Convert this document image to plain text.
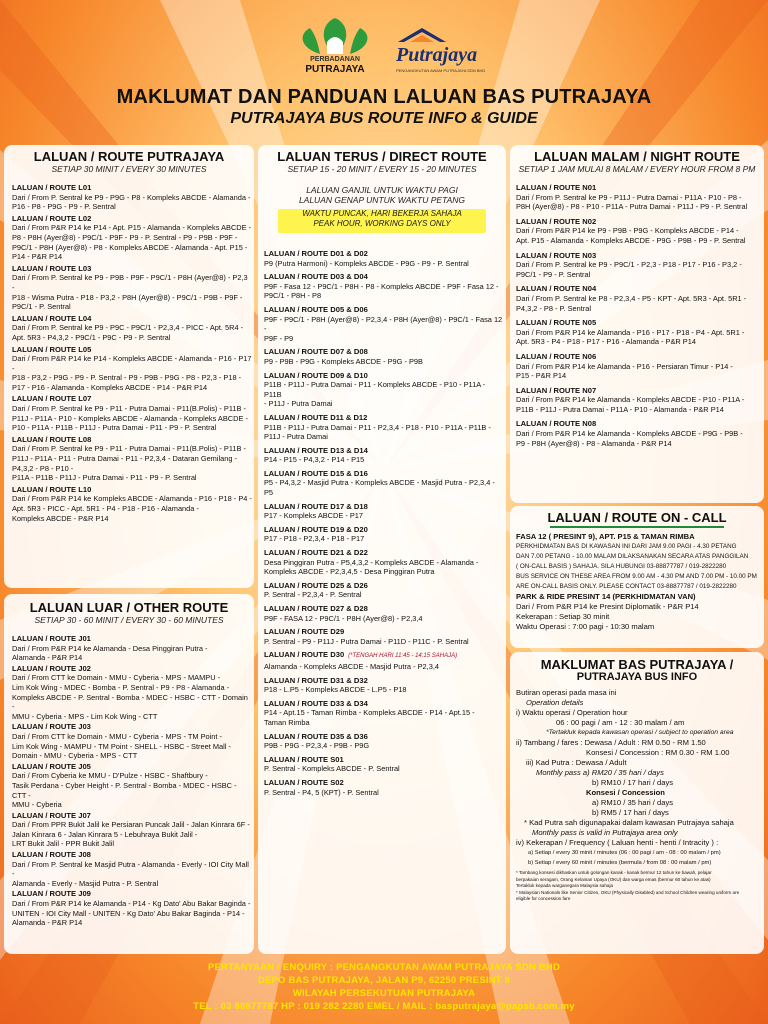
PERBADANAN
PUTRAJAYA
Putrajaya
PENGANGKUTAN AWAM PUTRAJAYA SDN BHD
MAKLUMAT DAN PANDUAN LALUAN BAS PUTRAJAYA
PUTRAJAYA BUS ROUTE INFO & GUIDE
LALUAN / ROUTE PUTRAJAYA
SETIAP 30 MINIT / EVERY 30 MINUTES
LALUAN / ROUTE L01
Dari / From P. Sentral ke P9 - P9G - P8 - Kompleks ABCDE - Alamanda -
P16 - P8 - P9G - P9 - P. Sentral
LALUAN / ROUTE L02
Dari / From P&R P14 ke P14 - Apt. P15 - Alamanda - Kompleks ABCDE -
P8 - P8H (Ayer@8) - P9C/1 - P9F - P9 - P. Sentral - P9 - P9B - P9F -
P9C/1 - P8H (Ayer@8) - P8 - Kompleks ABCDE - Alamanda - Apt. P15 -
P14 - P&R P14
LALUAN / ROUTE L03
Dari / From P. Sentral ke P9 - P9B - P9F - P9C/1 - P8H (Ayer@8) - P2,3 -
P18 - Wisma Putra - P18 - P3,2 - P8H (Ayer@8) - P9C/1 - P9B - P9F -
P9C/1 - P. Sentral
LALUAN / ROUTE L04
Dari / From P. Sentral ke P9 - P9C - P9C/1 - P2,3,4 - PICC - Apt. 5R4 -
Apt. 5R3 - P4,3,2 - P9C/1 - P9C - P9 - P. Sentral
LALUAN / ROUTE L05
Dari / From P&R P14 ke P14 - Kompleks ABCDE - Alamanda - P16 - P17 -
P18 - P3,2 - P9G - P9 - P. Sentral - P9 - P9B - P9G - P8 - P2,3 - P18 -
P17 - P16 - Alamanda - Kompleks ABCDE - P14 - P&R P14
LALUAN / ROUTE L07
Dari / From P. Sentral ke P9 - P11 - Putra Damai - P11(B.Polis) - P11B -
P11J - P11A - P10 - Kompleks ABCDE - Alamanda - Kompleks ABCDE -
P10 - P11A - P11B - P11J - Putra Damai - P11 - P9 - P. Sentral
LALUAN / ROUTE L08
Dari / From P. Sentral ke P9 - P11 - Putra Damai - P11(B.Polis) - P11B -
P11J - P11A - P11 - Putra Damai - P11 - P2,3,4 - Dataran Gemilang - P4,3,2 - P8 - P10 -
P11A - P11B - P11J - Putra Damai - P11 - P9 - P. Sentral
LALUAN / ROUTE L10
Dari / From P&R P14 ke Kompleks ABCDE - Alamanda - P16 - P18 - P4 -
Apt. 5R3 - PICC - Apt. 5R1 - P4 - P18 - P16 - Alamanda -
Kompleks ABCDE - P&R P14
LALUAN LUAR / OTHER ROUTE
SETIAP 30 - 60 MINIT / EVERY 30 - 60 MINUTES
LALUAN / ROUTE J01
Dari / From P&R P14 ke Alamanda - Desa Pinggiran Putra -
Alamanda - P&R P14
LALUAN / ROUTE J02
Dari / From CTT ke Domain - MMU - Cyberia - MPS - MAMPU -
Lim Kok Wing - MDEC - Bomba - P. Sentral - P9 - P8 - Alamanda -
Kompleks ABCDE - P. Sentral - Bomba - MDEC - HSBC - CTT - Domain -
MMU - Cyberia - MPS - Lim Kok Wing - CTT
LALUAN / ROUTE J03
Dari / From CTT ke Domain - MMU - Cyberia - MPS - TM Point -
Lim Kok Wing - MAMPU - TM Point - SHELL - HSBC - Street Mall -
Domain - MMU - Cyberia - MPS - CTT
LALUAN / ROUTE J05
Dari / From Cyberia ke MMU - D'Pulze - HSBC - Shaftbury -
Tasik Perdana - Cyber Height - P. Sentral - Bomba - MDEC - HSBC - CTT -
MMU - Cyberia
LALUAN / ROUTE J07
Dari / From PPR Bukit Jalil ke Persiaran Puncak Jalil - Jalan Kinrara 6F -
Jalan Kinrara 6 - Jalan Kinrara 5 - Lebuhraya Bukit Jalil -
LRT Bukit Jalil - PPR Bukit Jalil
LALUAN / ROUTE J08
Dari / From P. Sentral ke Masjid Putra - Alamanda - Everly - IOI City Mall -
Alamanda - Everly - Masjid Putra - P. Sentral
LALUAN / ROUTE J09
Dari / From P&R P14 ke Alamanda - P14 - Kg Dato' Abu Bakar Baginda -
UNITEN - IOI City Mall - UNITEN - Kg Dato' Abu Bakar Baginda - P14 -
Alamanda - P&R P14
LALUAN TERUS / DIRECT ROUTE
SETIAP 15 - 20 MINIT / EVERY 15 - 20 MINUTES
LALUAN GANJIL UNTUK WAKTU PAGI
LALUAN GENAP UNTUK WAKTU PETANG
WAKTU PUNCAK, HARI BEKERJA SAHAJA
PEAK HOUR, WORKING DAYS ONLY
LALUAN / ROUTE D01 & D02
P9 (Putra Harmoni) - Kompleks ABCDE - P9G - P9 - P. Sentral
LALUAN / ROUTE D03 & D04
P9F - Fasa 12 - P9C/1 - P8H - P8 - Kompleks ABCDE - P9F - Fasa 12 -
P9C/1 - P8H - P8
LALUAN / ROUTE D05 & D06
P9F - P9C/1 - P8H (Ayer@8) - P2,3,4 - P8H (Ayer@8) - P9C/1 - Fasa 12 -
P9F - P9
LALUAN / ROUTE D07 & D08
P9 - P9B - P9G - Kompleks ABCDE - P9G - P9B
LALUAN / ROUTE D09 & D10
P11B - P11J - Putra Damai - P11 - Kompleks ABCDE - P10 - P11A - P11B
- P11J - Putra Damai
LALUAN / ROUTE D11 & D12
P11B - P11J - Putra Damai - P11 - P2,3,4 - P18 - P10 - P11A - P11B -
P11J - Putra Damai
LALUAN / ROUTE D13 & D14
P14 - P15 - P4,3,2 - P14 - P15
LALUAN / ROUTE D15 & D16
P5 - P4,3,2 - Masjid Putra - Kompleks ABCDE - Masjid Putra - P2,3,4 - P5
LALUAN / ROUTE D17 & D18
P17 - Kompleks ABCDE - P17
LALUAN / ROUTE D19 & D20
P17 - P18 - P2,3,4 - P18 - P17
LALUAN / ROUTE D21 & D22
Desa Pinggiran Putra - P5,4,3,2 - Kompleks ABCDE - Alamanda -
Kompleks ABCDE - P2,3,4,5 - Desa Pinggiran Putra
LALUAN / ROUTE D25 & D26
P. Sentral - P2,3,4 - P. Sentral
LALUAN / ROUTE D27 & D28
P9F - FASA 12 - P9C/1 - P8H (Ayer@8) - P2,3,4
LALUAN / ROUTE D29
P. Sentral - P9 - P11J - Putra Damai - P11D - P11C - P. Sentral
LALUAN / ROUTE D30 (*TENGAH HARI 11:45 - 14:15 SAHAJA)

Alamanda - Kompleks ABCDE - Masjid Putra - P2,3,4
LALUAN / ROUTE D31 & D32
P18 - L.P5 - Kompleks ABCDE - L.P5 - P18
LALUAN / ROUTE D33 & D34
P14 - Apt.15 - Taman Rimba - Kompleks ABCDE - P14 - Apt.15 -
Taman Rimba
LALUAN / ROUTE D35 & D36
P9B - P9G - P2,3,4 - P9B - P9G
LALUAN / ROUTE S01
P. Sentral - Kompleks ABCDE - P. Sentral
LALUAN / ROUTE S02
P. Sentral - P4, 5 (KPT) - P. Sentral
LALUAN MALAM / NIGHT ROUTE
SETIAP 1 JAM MULAI 8 MALAM / EVERY HOUR FROM 8 PM
LALUAN / ROUTE N01
Dari / From P. Sentral ke P9 - P11J - Putra Damai - P11A - P10 - P8 -
P8H (Ayer@8) - P8 - P10 - P11A - Putra Damai - P11J - P9 - P. Sentral
LALUAN / ROUTE N02
Dari / From P&R P14 ke P9 - P9B - P9G - Kompleks ABCDE - P14 -
Apt. P15 - Alamanda - Kompleks ABCDE - P9G - P9B - P9 - P. Sentral
LALUAN / ROUTE N03
Dari / From P. Sentral ke P9 - P9C/1 - P2,3 - P18 - P17 - P16 - P3,2 -
P9C/1 - P9 - P. Sentral
LALUAN / ROUTE N04
Dari / From P. Sentral ke P8 - P2,3,4 - P5 - KPT - Apt. 5R3 - Apt. 5R1 -
P4,3,2 - P8 - P. Sentral
LALUAN / ROUTE N05
Dari / From P&R P14 ke Alamanda - P16 - P17 - P18 - P4 - Apt. 5R1 -
Apt. 5R3 - P4 - P18 - P17 - P16 - Alamanda - P&R P14
LALUAN / ROUTE N06
Dari / From P&R P14 ke Alamanda - P16 - Persiaran Timur - P14 -
P15 - P&R P14
LALUAN / ROUTE N07
Dari / From P&R P14 ke Alamanda - Kompleks ABCDE - P10 - P11A -
P11B - P11J - Putra Damai - P11A - P10 - Alamanda - P&R P14
LALUAN / ROUTE N08
Dari / From P&R P14 ke Alamanda - Kompleks ABCDE - P9G - P9B -
P9 - P8H (Ayer@8) - P8 - Alamanda - P&R P14
LALUAN / ROUTE ON - CALL
FASA 12 ( PRESINT 9), APT. P15 & TAMAN RIMBA
PERKHIDMATAN BAS DI KAWASAN INI DARI JAM 9.00 PAGI - 4.30 PETANG
DAN 7.00 PETANG - 10.00 MALAM DILAKSANAKAN SECARA ATAS PANGGILAN
( ON-CALL BASIS ) SAHAJA. SILA HUBUNGI 03-88877787 / 019-2822280
BUS SERVICE ON THESE AREA FROM 9.00 AM - 4.30 PM AND 7.00 PM - 10.00 PM
ARE ON-CALL BASIS ONLY. PLEASE CONTACT 03-88877787 / 019-2822280
PARK & RIDE PRESINT 14 (PERKHIDMATAN VAN)
Dari / From P&R P14 ke Presint Diplomatik - P&R P14
Kekerapan : Setiap 30 minit
Waktu Operasi : 7:00 pagi - 10:30 malam
MAKLUMAT BAS PUTRAJAYA /
PUTRAJAYA BUS INFO
Butiran operasi pada masa ini
Operation details
i) Waktu operasi / Operation hour
06 : 00 pagi / am - 12 : 30 malam / am
*Tertakluk kepada kawasan operasi / subject to operation area
ii) Tambang / fares : Dewasa / Adult : RM 0.50 - RM 1.50
Konsesi / Concession : RM 0.30 - RM 1.00
iii) Kad Putra : Dewasa / Adult
Monthly pass a) RM20 / 35 hari / days
b) RM10 / 17 hari / days
Konsesi / Concession
a) RM10 / 35 hari / days
b) RM5 / 17 hari / days
* Kad Putra sah digunapakai dalam kawasan Putrajaya sahaja
Monthly pass is valid in Putrajaya area only
iv) Kekerapan / Frequency ( Laluan henti - henti / Intracity ) :
a) Setiap / every 30 minit / minutes (06 : 00 pagi / am - 08 : 00 malam / pm)
b) Setiap / every 60 minit / minutes (bermula / from 08 : 00 malam / pm)
* Tambang konsesi dikhaskan untuk golongan kanak - kanak bermur 12 tahun ke bawah, pelajar
berpakaian seragam, Orang Kelainan Upaya (OKU) dan warga emas (bermur 60 tahun ke atas)
Tertakluk kepada warganegara Malaysia sahaja
* Malaysian Nationals like Senior Citizen, OKU (Physically Disabled) and School Children wearing uniform are
eligible for concession fare
PERTANYAAN / ENQUIRY : PENGANGKUTAN AWAM PUTRAJAYA SDN BHD
DEPO BAS PUTRAJAYA, JALAN P9, 62250 PRESINT 9
WILAYAH PERSEKUTUAN PUTRAJAYA
TEL : 03 88877787 HP : 019 282 2280 EMEL / MAIL : basputrajaya@papsb.com.my
